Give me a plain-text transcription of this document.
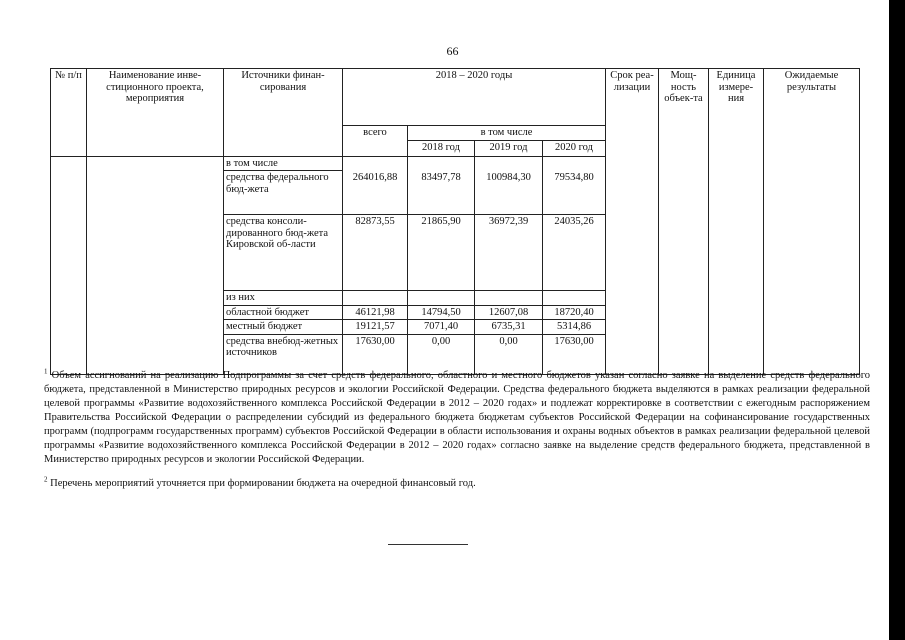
66
№ п/п	Наименование инве-стиционного проекта, мероприятия	Источники финан-сирования	2018 – 2020 годы				Срок реа-лизации	Мощ-ность объек-та	Единица измере-ния	Ожидаемые результаты
			всего	в том числе						
				2018 год	2019 год	2020 год				
		в том числе								
		средства федерального бюд-жета	264016,88	83497,78	100984,30	79534,80				
		средства консоли-дированного бюд-жета Кировской об-ласти	82873,55	21865,90	36972,39	24035,26				
		из них								
		областной бюджет	46121,98	14794,50	12607,08	18720,40				
		местный бюджет	19121,57	7071,40	6735,31	5314,86				
		средства внебюд-жетных источников	17630,00	0,00	0,00	17630,00				

$^1$ Объем ассигнований на реализацию Подпрограммы за счет средств федерального, областного и местного бюджетов указан согласно заявке на выделение средств федерального бюджета, представленной в Министерство природных ресурсов и экологии Российской Федерации. Средства федерального бюджета выделяются в рамках реализации федеральной целевой программы «Развитие водохозяйственного комплекса Российской Федерации в 2012 – 2020 годах» и подлежат корректировке в соответствии с ежегодным распоряжением Правительства Российской Федерации о распределении субсидий из федерального бюджета бюджетам субъектов Российской Федерации на софинансирование государственных программ (подпрограмм государственных программ) субъектов Российской Федерации в области использования и охраны водных объектов в рамках реализации федеральной целевой программы «Развитие водохозяйственного комплекса Российской Федерации в 2012 – 2020 годах» согласно заявке на выделение средств федерального бюджета, представленной в Министерство природных ресурсов и экологии Российской Федерации.

$^2$ Перечень мероприятий уточняется при формировании бюджета на очередной финансовый год.
